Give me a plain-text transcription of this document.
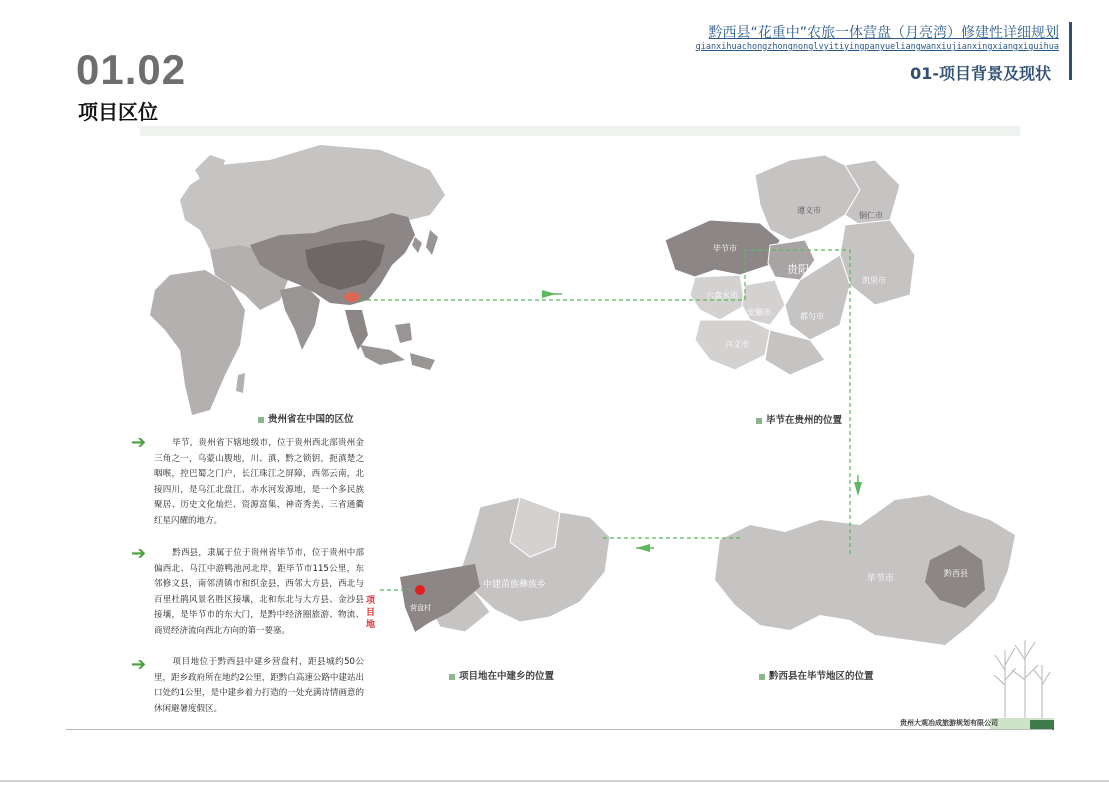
01.02
项目区位
黔西县“花重中”农旅一体营盘（月亮湾）修建性详细规划
qianxihuachongzhongnonglvyitiyingpanyueliangwanxiujianxingxiangxiguihua
01-项目背景及现状
遵义市
铜仁市
毕节市
贵阳
六盘水市
安顺市
凯里市
都匀市
兴义市
毕节市
黔西县
中建苗族彝族乡
营盘村
项目地
贵州省在中国的区位	毕节在贵州的位置
项目地在中建乡的位置	黔西县在毕节地区的位置
➔	毕节，贵州省下辖地级市，位于贵州西北部贵州金三角之一，乌蒙山腹地，川、滇、黔之锁钥，扼滇楚之咽喉，控巴蜀之门户，长江珠江之屏障，西邻云南，北接四川，是乌江北盘江、赤水河发源地，是一个多民族聚居、历史文化灿烂、资源富集、神奇秀美、三省通衢红星闪耀的地方。
➔	黔西县，隶属于位于贵州省毕节市，位于贵州中部偏西北、乌江中游鸭池河北岸，距毕节市115公里，东邻修文县，南邻清镇市和织金县，西邻大方县，西北与百里杜鹃风景名胜区接壤，北和东北与大方县、金沙县接壤，是毕节市的东大门，是黔中经济圈旅游、物流、商贸经济流向西北方向的第一要塞。
➔	项目地位于黔西县中建乡营盘村，距县城约50公里，距乡政府所在地约2公里，距黔白高速公路中建站出口处约1公里，是中建乡着力打造的一处充满诗情画意的休闲避暑度假区。
贵州大观冶成旅游规划有限公司
